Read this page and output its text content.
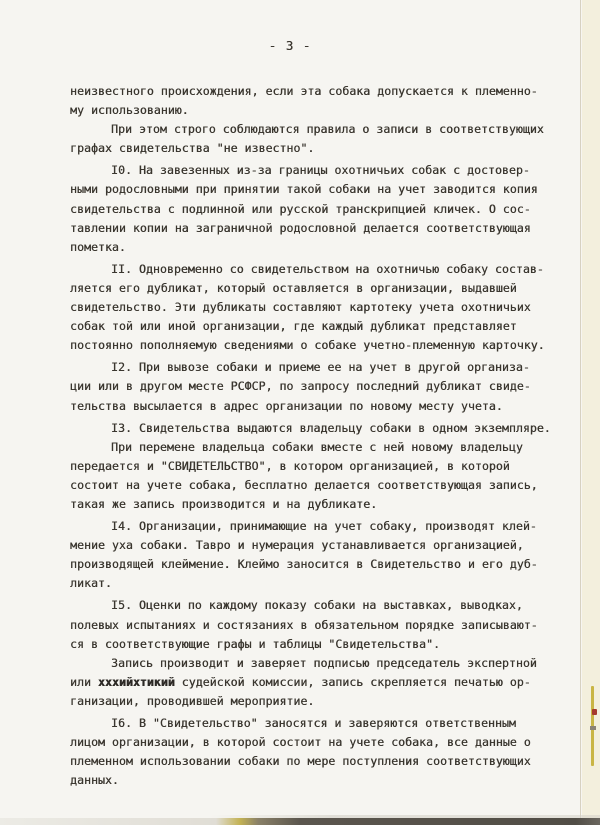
- 3 -
неизвестного происхождения, если эта собака допускается к племенно-
му использованию.
При этом строго соблюдаются правила о записи в соответствующих
графах свидетельства "не известно".
I0. На завезенных из-за границы охотничьих собак с достовер-
ными родословными при принятии такой собаки на учет заводится копия
свидетельства с подлинной или русской транскрипцией кличек. О сос-
тавлении копии на заграничной родословной делается соответствующая
пометка.
II. Одновременно со свидетельством на охотничью собаку состав-
ляется его дубликат, который оставляется в организации, выдавшей
свидетельство. Эти дубликаты составляют картотеку учета охотничьих
собак той или иной организации, где каждый дубликат представляет
постоянно пополняемую сведениями о собаке учетно-племенную карточку.
I2. При вывозе собаки и приеме ее на учет в другой организа-
ции или в другом месте РСФСР, по запросу последний дубликат свиде-
тельства высылается в адрес организации по новому месту учета.
I3. Свидетельства выдаются владельцу собаки в одном экземпляре.
При перемене владельца собаки вместе с ней новому владельцу
передается и "СВИДЕТЕЛЬСТВО", в котором организацией, в которой
состоит на учете собака, бесплатно делается соответствующая запись,
такая же запись производится и на дубликате.
I4. Организации, принимающие на учет собаку, производят клей-
мение уха собаки. Тавро и нумерация устанавливается организацией,
производящей клеймение. Клеймо заносится в Свидетельство и его дуб-
ликат.
I5. Оценки по каждому показу собаки на выставках, выводках,
полевых испытаниях и состязаниях в обязательном порядке записывают-
ся в соответствующие графы и таблицы "Свидетельства".
Запись производит и заверяет подписью председатель экспертной
или хххийхтикий судейской комиссии, запись скрепляется печатью ор-
ганизации, проводившей мероприятие.
I6. В "Свидетельство" заносятся и заверяются ответственным
лицом организации, в которой состоит на учете собака, все данные о
племенном использовании собаки по мере поступления соответствующих
данных.
